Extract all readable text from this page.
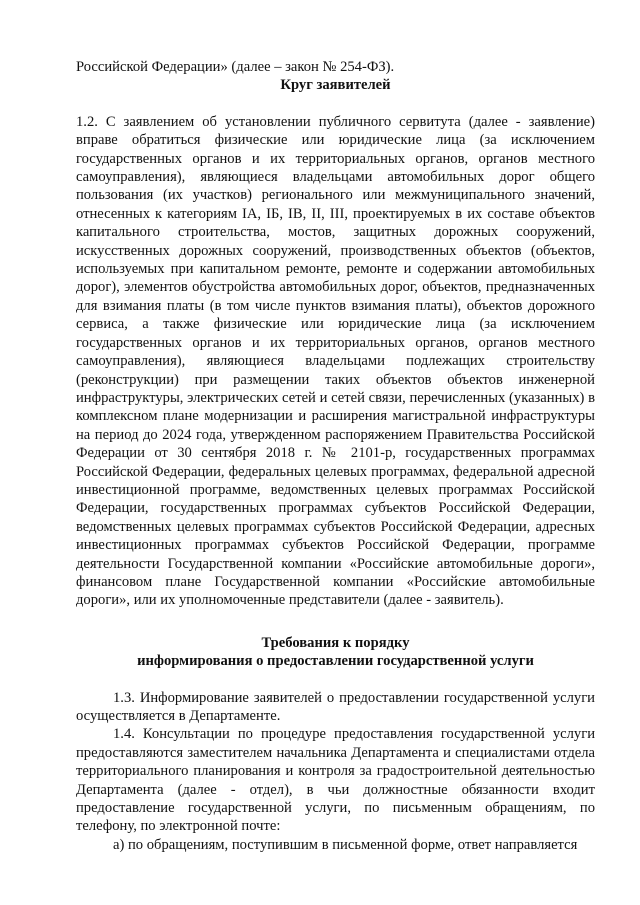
Российской Федерации» (далее – закон № 254-ФЗ).

Круг заявителей

1.2. С заявлением об установлении публичного сервитута (далее - заявление) вправе обратиться физические или юридические лица (за исключением государственных органов и их территориальных органов, органов местного самоуправления), являющиеся владельцами автомобильных дорог общего пользования (их участков) регионального или межмуниципального значений, отнесенных к категориям IА, IБ, IВ, II, III, проектируемых в их составе объектов капитального строительства, мостов, защитных дорожных сооружений, искусственных дорожных сооружений, производственных объектов (объектов, используемых при капитальном ремонте, ремонте и содержании автомобильных дорог), элементов обустройства автомобильных дорог, объектов, предназначенных для взимания платы (в том числе пунктов взимания платы), объектов дорожного сервиса, а также физические или юридические лица (за исключением государственных органов и их территориальных органов, органов местного самоуправления), являющиеся владельцами подлежащих строительству (реконструкции) при размещении таких объектов объектов инженерной инфраструктуры, электрических сетей и сетей связи, перечисленных (указанных) в комплексном плане модернизации и расширения магистральной инфраструктуры на период до 2024 года, утвержденном распоряжением Правительства Российской Федерации от 30 сентября 2018 г. № 2101-р, государственных программах Российской Федерации, федеральных целевых программах, федеральной адресной инвестиционной программе, ведомственных целевых программах Российской Федерации, государственных программах субъектов Российской Федерации, ведомственных целевых программах субъектов Российской Федерации, адресных инвестиционных программах субъектов Российской Федерации, программе деятельности Государственной компании «Российские автомобильные дороги», финансовом плане Государственной компании «Российские автомобильные дороги», или их уполномоченные представители (далее - заявитель).

Требования к порядку

информирования о предоставлении государственной услуги

1.3. Информирование заявителей о предоставлении государственной услуги осуществляется в Департаменте.

1.4. Консультации по процедуре предоставления государственной услуги предоставляются заместителем начальника Департамента и специалистами отдела территориального планирования и контроля за градостроительной деятельностью Департамента (далее - отдел), в чьи должностные обязанности входит предоставление государственной услуги, по письменным обращениям, по телефону, по электронной почте:

а) по обращениям, поступившим в письменной форме, ответ направляется
